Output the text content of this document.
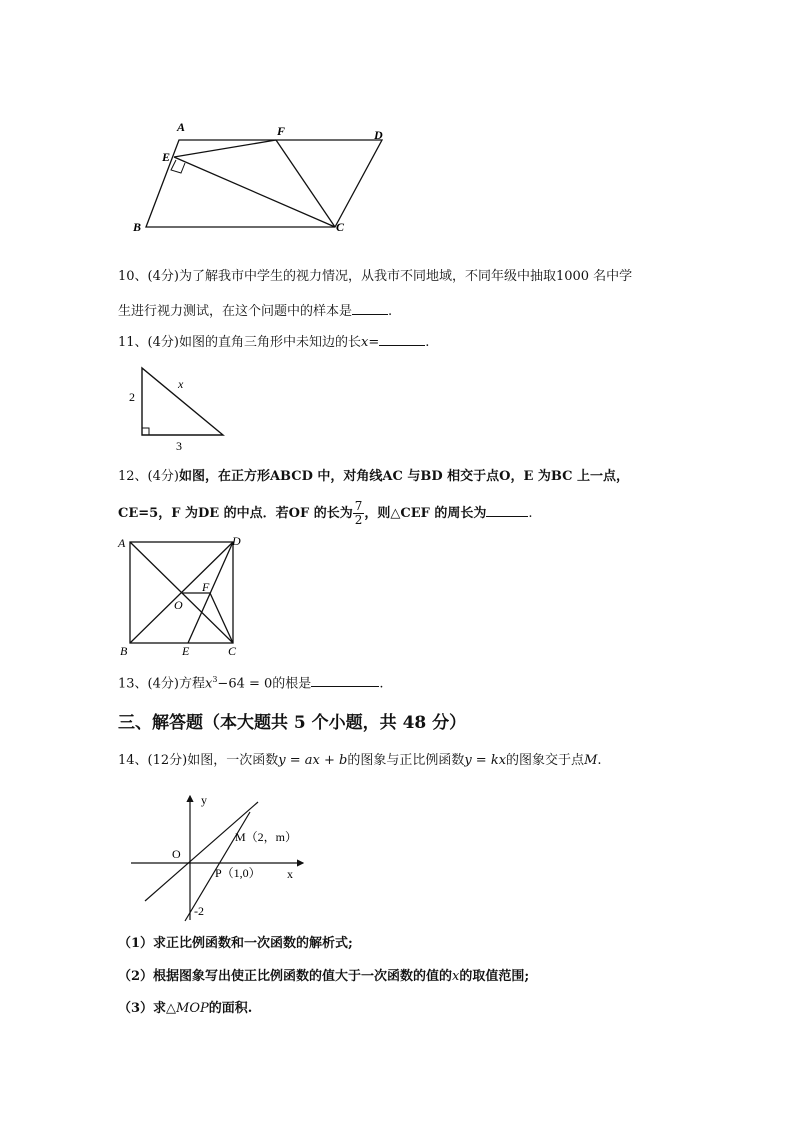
A	F	D
E
B	C
10、(4分)为了解我市中学生的视力情况，从我市不同地域，不同年级中抽取1000 名中学
生进行视力测试，在这个问题中的样本是	.
11、(4分)如图的直角三角形中未知边的长x=	.
2
3
x
12、(4分)如图，在正方形ABCD 中，对角线AC 与BD 相交于点O，E 为BC 上一点，
CE=5，F 为DE 的中点．若OF 的长为 $\frac{7}{2}$ ，则△CEF 的周长为	.
A	D
F
O
B	E	C
13、(4分)方程$x^3-64 = 0$的根是	.
三、解答题（本大题共 5 个小题，共 48 分）
14、(12分)如图，一次函数y = ax + b的图象与正比例函数y = kx的图象交于点M.
y
x
O
M（2，m）
P（1,0）
-2
（1）求正比例函数和一次函数的解析式;
（2）根据图象写出使正比例函数的值大于一次函数的值的x的取值范围;
（3）求△MOP的面积.
